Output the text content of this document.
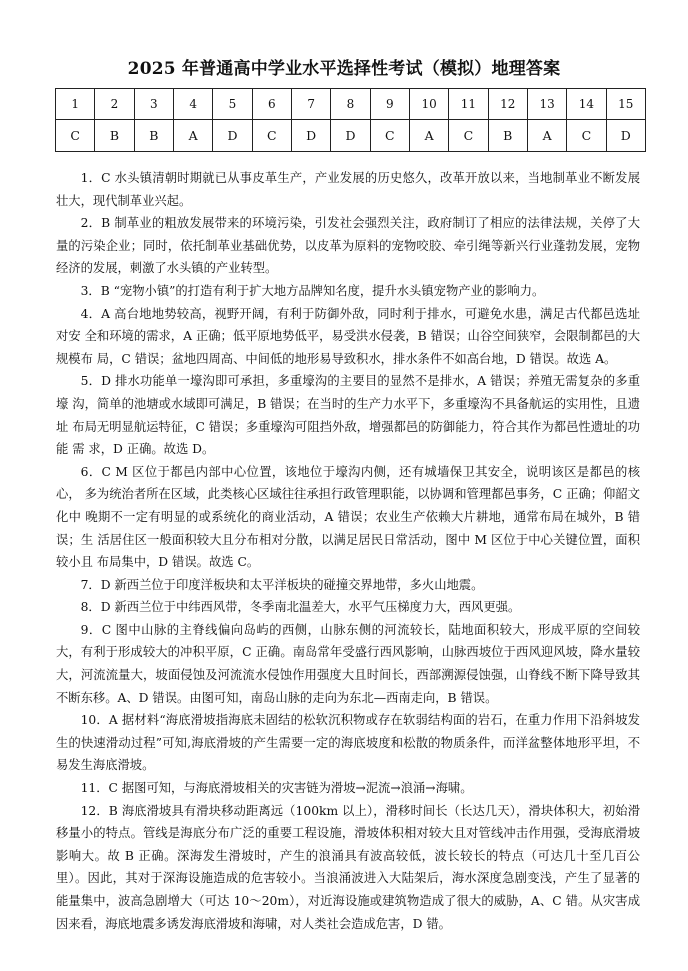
2025 年普通高中学业水平选择性考试（模拟）地理答案
1	2	3	4	5	6	7	8	9	10	11	12	13	14	15
C	B	B	A	D	C	D	D	C	A	C	B	A	C	D

1．C 水头镇清朝时期就已从事皮革生产，产业发展的历史悠久，改革开放以来，当地制革业不断发展壮大，现代制革业兴起。

2．B 制革业的粗放发展带来的环境污染，引发社会强烈关注，政府制订了相应的法律法规，关停了大量的污染企业；同时，依托制革业基础优势，以皮革为原料的宠物咬胶、牵引绳等新兴行业蓬勃发展，宠物经济的发展，刺激了水头镇的产业转型。

3．B “宠物小镇”的打造有利于扩大地方品牌知名度，提升水头镇宠物产业的影响力。

4．A 高台地地势较高，视野开阔，有利于防御外敌，同时利于排水，可避免水患，满足古代都邑选址对安 全和环境的需求，A 正确；低平原地势低平，易受洪水侵袭，B 错误；山谷空间狭窄，会限制都邑的大规模布 局，C 错误；盆地四周高、中间低的地形易导致积水，排水条件不如高台地，D 错误。故选 A。

5．D 排水功能单一壕沟即可承担，多重壕沟的主要目的显然不是排水，A 错误；养殖无需复杂的多重壕 沟，简单的池塘或水域即可满足，B 错误；在当时的生产力水平下，多重壕沟不具备航运的实用性，且遗址 布局无明显航运特征，C 错误；多重壕沟可阻挡外敌，增强都邑的防御能力，符合其作为都邑性遗址的功能 需 求，D 正确。故选 D。

6．C M 区位于都邑内部中心位置，该地位于壕沟内侧，还有城墙保卫其安全，说明该区是都邑的核心， 多为统治者所在区域，此类核心区域往往承担行政管理职能，以协调和管理都邑事务，C 正确；仰韶文化中 晚期不一定有明显的或系统化的商业活动，A 错误；农业生产依赖大片耕地，通常布局在城外，B 错误；生 活居住区一般面积较大且分布相对分散，以满足居民日常活动，图中 M 区位于中心关键位置，面积较小且 布局集中，D 错误。故选 C。

7．D 新西兰位于印度洋板块和太平洋板块的碰撞交界地带，多火山地震。

8．D 新西兰位于中纬西风带，冬季南北温差大，水平气压梯度力大，西风更强。

9．C 图中山脉的主脊线偏向岛屿的西侧，山脉东侧的河流较长，陆地面积较大，形成平原的空间较大，有利于形成较大的冲积平原，C 正确。南岛常年受盛行西风影响，山脉西坡位于西风迎风坡，降水量较大，河流流量大，坡面侵蚀及河流流水侵蚀作用强度大且时间长，西部溯源侵蚀强，山脊线不断下降导致其不断东移。A、D 错误。由图可知，南岛山脉的走向为东北—西南走向，B 错误。

10．A 据材料“海底滑坡指海底未固结的松软沉积物或存在软弱结构面的岩石，在重力作用下沿斜坡发生的快速滑动过程”可知,海底滑坡的产生需要一定的海底坡度和松散的物质条件，而洋盆整体地形平坦，不易发生海底滑坡。

11．C 据图可知，与海底滑坡相关的灾害链为滑坡→泥流→浪涌→海啸。

12．B 海底滑坡具有滑块移动距离远（100km 以上），滑移时间长（长达几天），滑块体积大，初始滑移量小的特点。管线是海底分布广泛的重要工程设施，滑坡体积相对较大且对管线冲击作用强，受海底滑坡影响大。故 B 正确。深海发生滑坡时，产生的浪涌具有波高较低，波长较长的特点（可达几十至几百公里）。因此，其对于深海设施造成的危害较小。当浪涌波进入大陆架后，海水深度急剧变浅，产生了显著的能量集中，波高急剧增大（可达 10～20m），对近海设施或建筑物造成了很大的威胁，A、C 错。从灾害成因来看，海底地震多诱发海底滑坡和海啸，对人类社会造成危害，D 错。
